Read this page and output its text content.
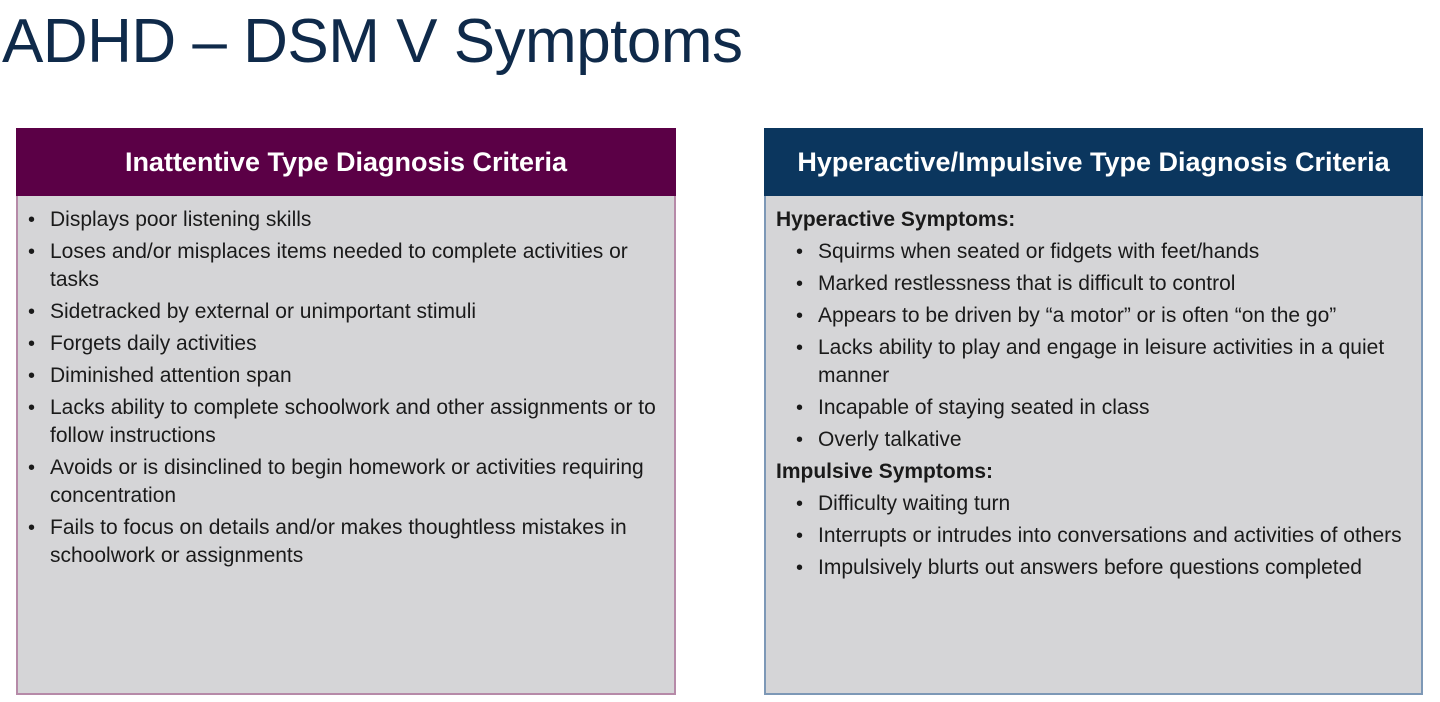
ADHD – DSM V Symptoms
Inattentive Type Diagnosis Criteria
• Displays poor listening skills
• Loses and/or misplaces items needed to complete activities or tasks
• Sidetracked by external or unimportant stimuli
• Forgets daily activities
• Diminished attention span
• Lacks ability to complete schoolwork and other assignments or to follow instructions
• Avoids or is disinclined to begin homework or activities requiring concentration
• Fails to focus on details and/or makes thoughtless mistakes in schoolwork or assignments
Hyperactive/Impulsive Type Diagnosis Criteria
Hyperactive Symptoms:
• Squirms when seated or fidgets with feet/hands
• Marked restlessness that is difficult to control
• Appears to be driven by “a motor” or is often “on the go”
• Lacks ability to play and engage in leisure activities in a quiet manner
• Incapable of staying seated in class
• Overly talkative
Impulsive Symptoms:
• Difficulty waiting turn
• Interrupts or intrudes into conversations and activities of others
• Impulsively blurts out answers before questions completed
